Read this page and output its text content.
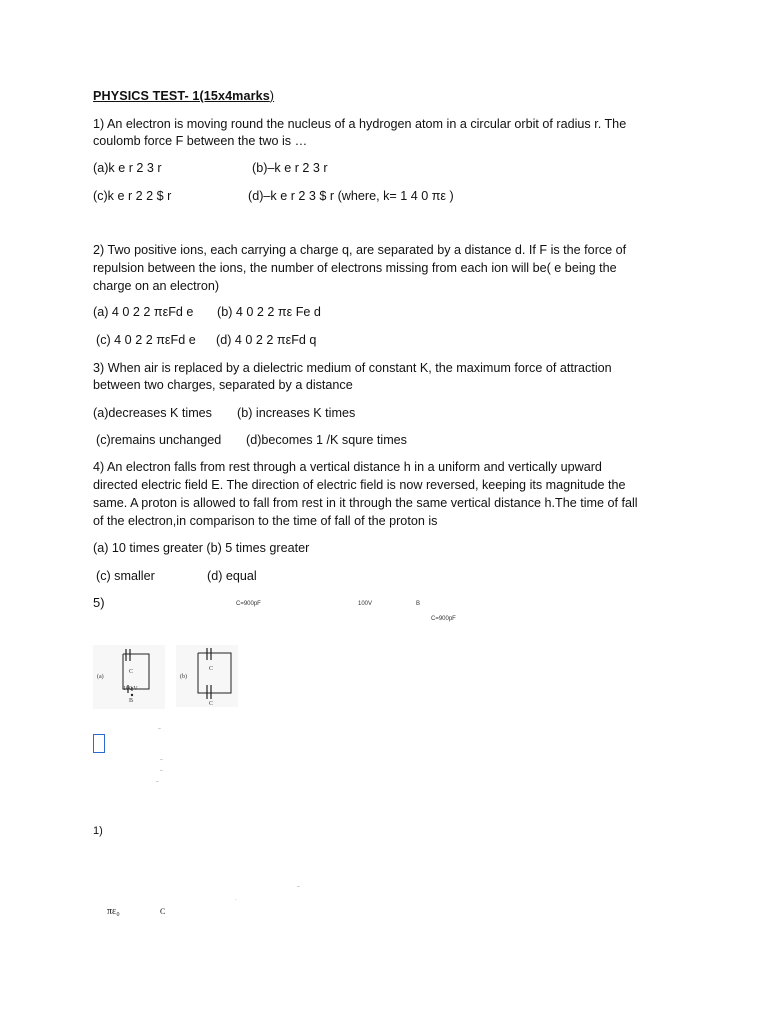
PHYSICS TEST- 1(15x4marks)
1) An electron is moving round the nucleus of a hydrogen atom in a circular orbit of radius r. The
coulomb force F between the two is …
(a)k e r 2 3 r	(b)–k e r 2 3 r
(c)k e r 2 2 $ r	(d)–k e r 2 3 $ r (where, k= 1 4 0 πε )
2) Two positive ions, each carrying a charge q, are separated by a distance d. If F is the force of
repulsion between the ions, the number of electrons missing from each ion will be( e being the
charge on an electron)
(a) 4 0 2 2 πεFd e (b) 4 0 2 2 πε Fe d
(c) 4 0 2 2 πεFd e (d) 4 0 2 2 πεFd q
3) When air is replaced by a dielectric medium of constant K, the maximum force of attraction
between two charges, separated by a distance
(a)decreases K times (b) increases K times
(c)remains unchanged (d)becomes 1 /K squre times
4) An electron falls from rest through a vertical distance h in a uniform and vertically upward
directed electric field E. The direction of electric field is now reversed, keeping its magnitude the
same. A proton is allowed to fall from rest in it through the same vertical distance h.The time of fall
of the electron,in comparison to the time of fall of the proton is
(a) 10 times greater (b) 5 times greater
(c) smaller	(d) equal
5)	C=900pF	100V	B
C=900pF
(a)
C
100 V
B
(b)
C
C
–
–
–
–
–
·
1)
πε₀	C
